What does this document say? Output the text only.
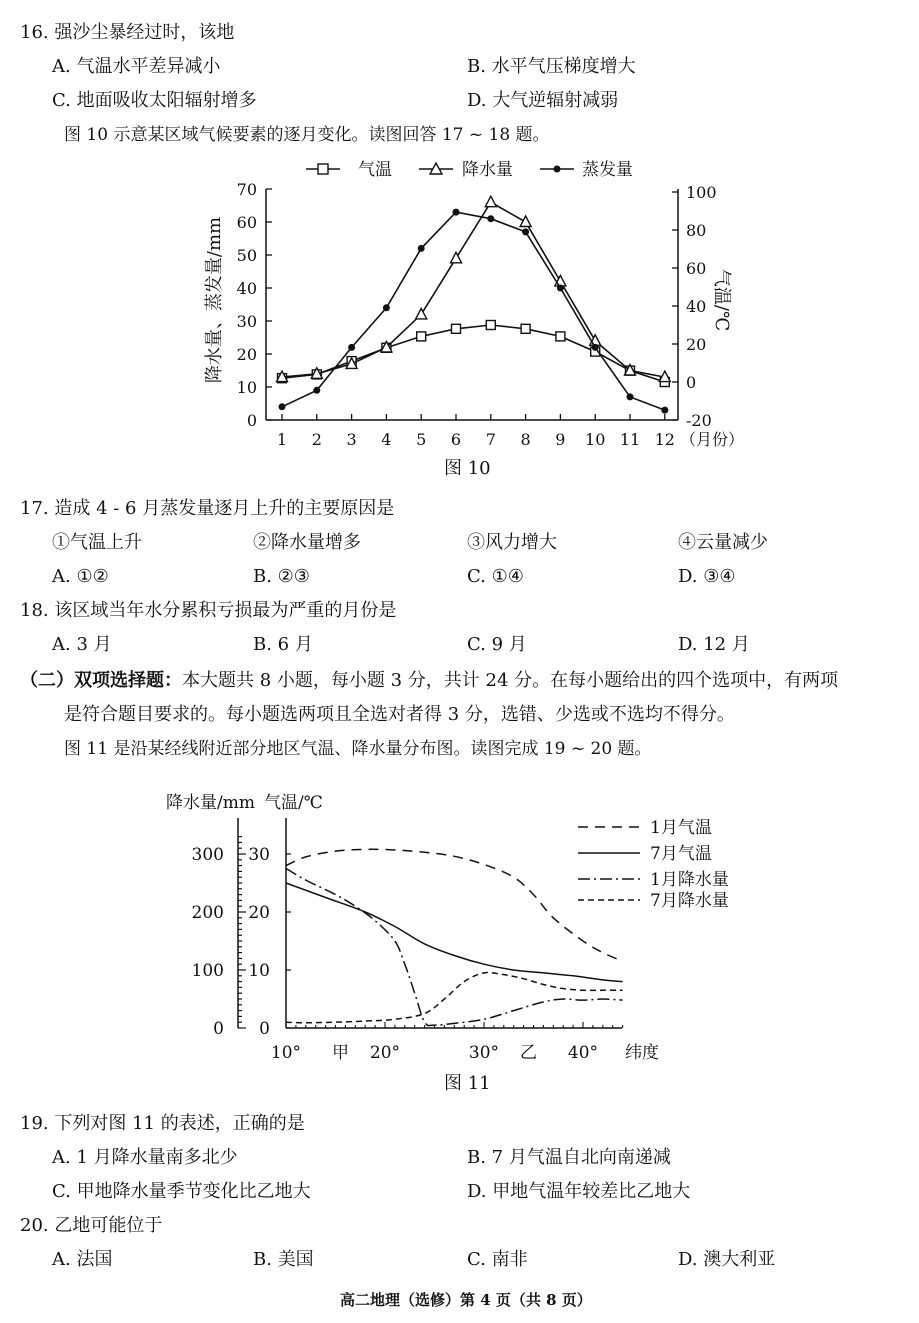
16. 强沙尘暴经过时，该地
A. 气温水平差异减小	B. 水平气压梯度增大
C. 地面吸收太阳辐射增多	D. 大气逆辐射减弱
图 10 示意某区域气候要素的逐月变化。读图回答 17 ~ 18 题。
气温	降水量	蒸发量
0
10
20
30
40
50
60
70
-20
0
20
40
60
80
100
1 2 3 4 5 6 7 8 9 10 11 12
降水量、蒸发量/mm	气温/℃
（月份）
图 10
17. 造成 4 - 6 月蒸发量逐月上升的主要原因是
①气温上升	②降水量增多	③风力增大	④云量减少
A. ①②	B. ②③	C. ①④	D. ③④
18. 该区域当年水分累积亏损最为严重的月份是
A. 3 月	B. 6 月	C. 9 月	D. 12 月
（二）双项选择题：本大题共 8 小题，每小题 3 分，共计 24 分。在每小题给出的四个选项中，有两项
是符合题目要求的。每小题选两项且全选对者得 3 分，选错、少选或不选均不得分。
图 11 是沿某经线附近部分地区气温、降水量分布图。读图完成 19 ~ 20 题。
降水量/mm 气温/℃
0
100
200
300
0
10
20
30
10° 甲 20°	30° 乙 40° 纬度
1月气温
7月气温
1月降水量
7月降水量
图 11
19. 下列对图 11 的表述，正确的是
A. 1 月降水量南多北少	B. 7 月气温自北向南递减
C. 甲地降水量季节变化比乙地大	D. 甲地气温年较差比乙地大
20. 乙地可能位于
A. 法国	B. 美国	C. 南非	D. 澳大利亚
高二地理（选修）第 4 页（共 8 页）
